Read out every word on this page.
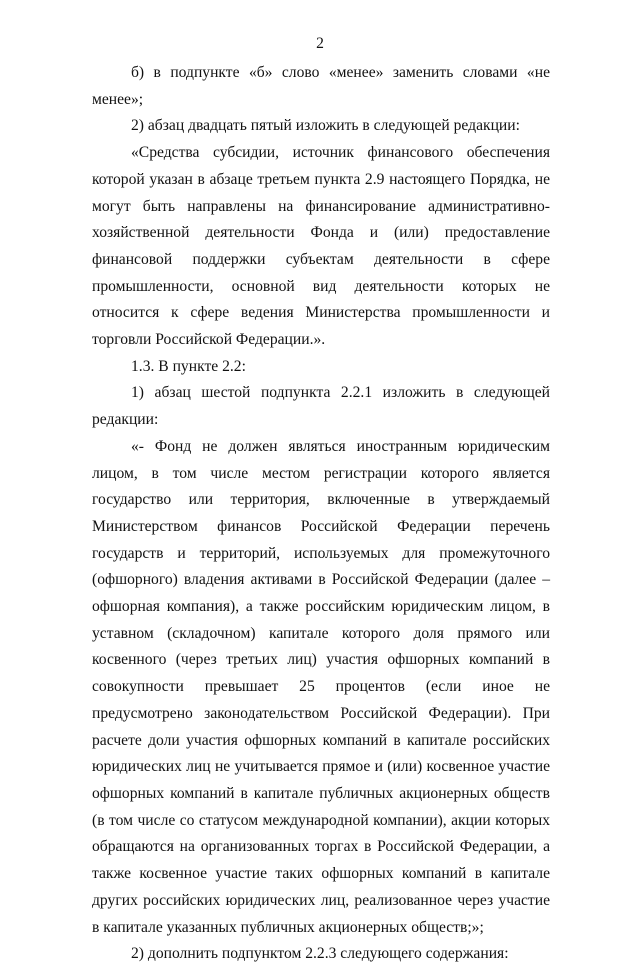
2

б) в подпункте «б» слово «менее» заменить словами «не менее»;

2) абзац двадцать пятый изложить в следующей редакции:

«Средства субсидии, источник финансового обеспечения которой указан в абзаце третьем пункта 2.9 настоящего Порядка, не могут быть направлены на финансирование административно-хозяйственной деятельности Фонда и (или) предоставление финансовой поддержки субъектам деятельности в сфере промышленности, основной вид деятельности которых не относится к сфере ведения Министерства промышленности и торговли Российской Федерации.».

1.3. В пункте 2.2:

1) абзац шестой подпункта 2.2.1 изложить в следующей редакции:

«- Фонд не должен являться иностранным юридическим лицом, в том числе местом регистрации которого является государство или территория, включенные в утверждаемый Министерством финансов Российской Федерации перечень государств и территорий, используемых для промежуточного (офшорного) владения активами в Российской Федерации (далее – офшорная компания), а также российским юридическим лицом, в уставном (складочном) капитале которого доля прямого или косвенного (через третьих лиц) участия офшорных компаний в совокупности превышает 25 процентов (если иное не предусмотрено законодательством Российской Федерации). При расчете доли участия офшорных компаний в капитале российских юридических лиц не учитывается прямое и (или) косвенное участие офшорных компаний в капитале публичных акционерных обществ (в том числе со статусом международной компании), акции которых обращаются на организованных торгах в Российской Федерации, а также косвенное участие таких офшорных компаний в капитале других российских юридических лиц, реализованное через участие в капитале указанных публичных акционерных обществ;»;

2) дополнить подпунктом 2.2.3 следующего содержания:
